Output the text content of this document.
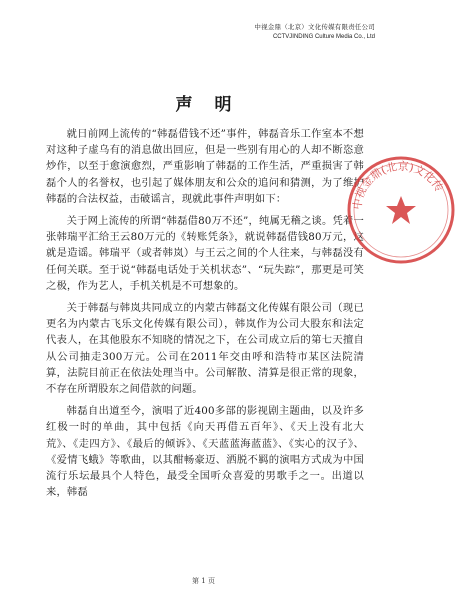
中视金鼎（北京）文化传媒有限责任公司
CCTVJINDING Culture Media Co., Ltd
声明

就日前网上流传的“韩磊借钱不还”事件，韩磊音乐工作室本不想对这种子虚乌有的消息做出回应，但是一些别有用心的人却不断恣意炒作，以至于愈演愈烈，严重影响了韩磊的工作生活，严重损害了韩磊个人的名誉权，也引起了媒体朋友和公众的追问和猜测，为了维护韩磊的合法权益，击破谣言，现就此事件声明如下：

关于网上流传的所谓“韩磊借80万不还”，纯属无稽之谈。凭着一张韩瑞平汇给王云80万元的《转账凭条》，就说韩磊借钱80万元，这就是造谣。韩瑞平（或者韩岚）与王云之间的个人往来，与韩磊没有任何关联。至于说“韩磊电话处于关机状态”、“玩失踪”，那更是可笑之极，作为艺人，手机关机是不可想象的。

关于韩磊与韩岚共同成立的内蒙古韩磊文化传媒有限公司（现已更名为内蒙古飞乐文化传媒有限公司），韩岚作为公司大股东和法定代表人，在其他股东不知晓的情况之下，在公司成立后的第七天擅自从公司抽走300万元。公司在2011年交由呼和浩特市某区法院清算，法院目前正在依法处理当中。公司解散、清算是很正常的现象，不存在所谓股东之间借款的问题。

韩磊自出道至今，演唱了近400多部的影视剧主题曲，以及许多红极一时的单曲，其中包括《向天再借五百年》、《天上没有北大荒》、《走四方》、《最后的倾诉》、《天蓝蓝海蓝蓝》、《实心的汉子》、《爱情飞蛾》等歌曲，以其酣畅豪迈、洒脱不羁的演唱方式成为中国流行乐坛最具个人特色，最受全国听众喜爱的男歌手之一。出道以来，韩磊

中视金鼎(北京)文化传
第 1 页
